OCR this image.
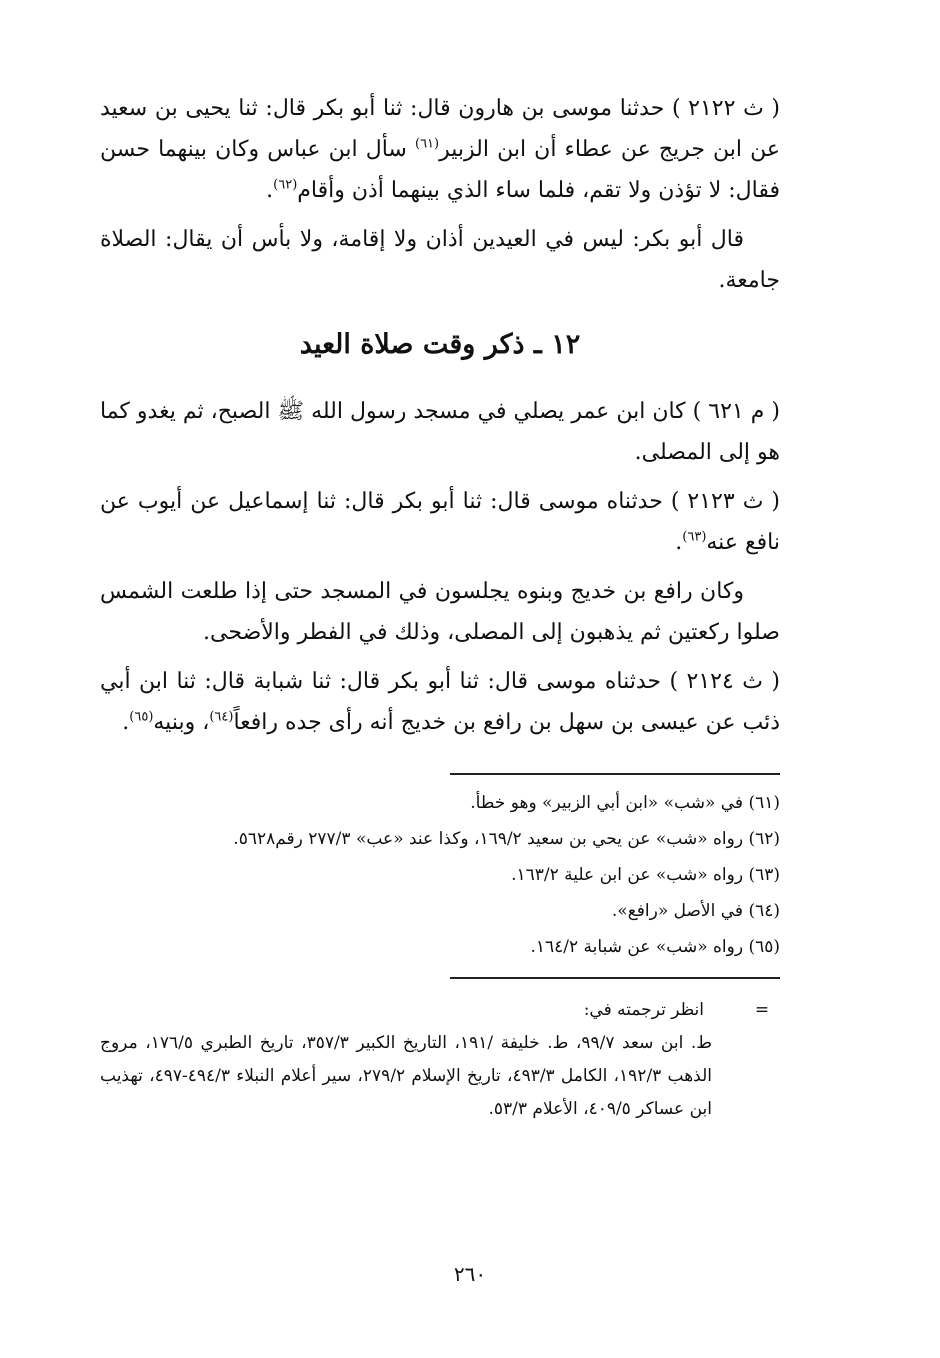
( ث ٢١٢٢ ) حدثنا موسى بن هارون قال: ثنا أبو بكر قال: ثنا يحيى بن سعيد عن ابن جريج عن عطاء أن ابن الزبير$^{(٦١)}$ سأل ابن عباس وكان بينهما حسن فقال: لا تؤذن ولا تقم، فلما ساء الذي بينهما أذن وأقام$^{(٦٢)}$.

قال أبو بكر: ليس في العيدين أذان ولا إقامة، ولا بأس أن يقال: الصلاة جامعة.

١٢ ـ ذكر وقت صلاة العيد

( م ٦٢١ ) كان ابن عمر يصلي في مسجد رسول الله ﷺ الصبح، ثم يغدو كما هو إلى المصلى.

( ث ٢١٢٣ ) حدثناه موسى قال: ثنا أبو بكر قال: ثنا إسماعيل عن أيوب عن نافع عنه$^{(٦٣)}$.

وكان رافع بن خديج وبنوه يجلسون في المسجد حتى إذا طلعت الشمس صلوا ركعتين ثم يذهبون إلى المصلى، وذلك في الفطر والأضحى.

( ث ٢١٢٤ ) حدثناه موسى قال: ثنا أبو بكر قال: ثنا شبابة قال: ثنا ابن أبي ذئب عن عيسى بن سهل بن رافع بن خديج أنه رأى جده رافعاً$^{(٦٤)}$، وبنيه$^{(٦٥)}$.

(٦١) في «شب» «ابن أبي الزبير» وهو خطأ.
(٦٢) رواه «شب» عن يحي بن سعيد ١٦٩/٢، وكذا عند «عب» ٢٧٧/٣ رقم٥٦٢٨.
(٦٣) رواه «شب» عن ابن علية ١٦٣/٢.
(٦٤) في الأصل «رافع».
(٦٥) رواه «شب» عن شبابة ١٦٤/٢.
=
انظر ترجمته في:
ط. ابن سعد ٩٩/٧، ط. خليفة /١٩١، التاريخ الكبير ٣٥٧/٣، تاريخ الطبري ١٧٦/٥، مروج الذهب ١٩٢/٣، الكامل ٤٩٣/٣، تاريخ الإسلام ٢٧٩/٢، سير أعلام النبلاء ٤٩٤/٣-٤٩٧، تهذيب ابن عساكر ٤٠٩/٥، الأعلام ٥٣/٣.
٢٦٠
